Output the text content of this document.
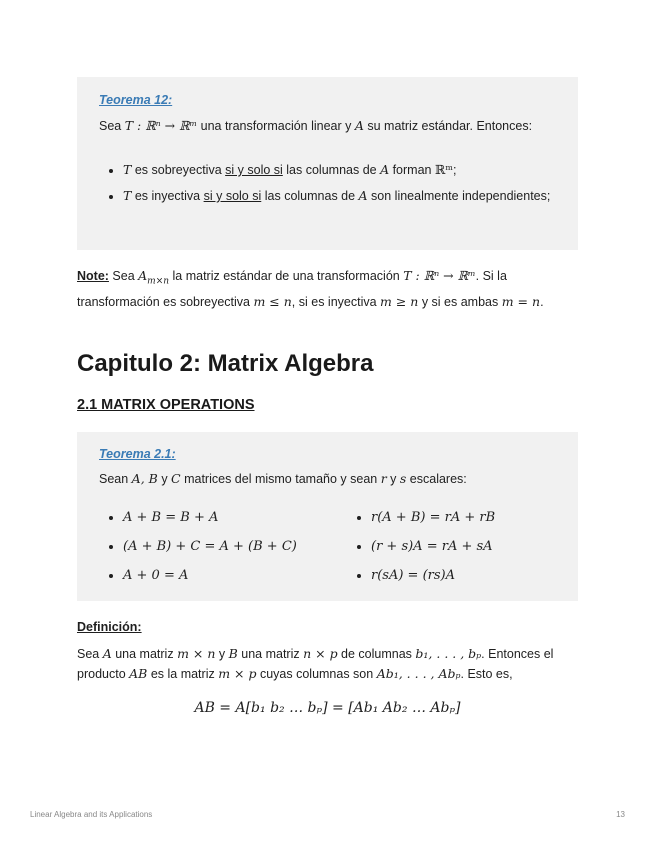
Teorema 12:
Sea T : ℝⁿ → ℝᵐ una transformación linear y A su matriz estándar. Entonces:
• T es sobreyectiva si y solo si las columnas de A forman ℝᵐ;
• T es inyectiva si y solo si las columnas de A son linealmente independientes;
Note: Sea $A_{m\times n}$ la matriz estándar de una transformación T : ℝⁿ → ℝᵐ. Si la transformación es sobreyectiva m ≤ n, si es inyectiva m ≥ n y si es ambas m = n.
Capitulo 2: Matrix Algebra
2.1 MATRIX OPERATIONS
Teorema 2.1:
Sean A, B y C matrices del mismo tamaño y sean r y s escalares:
• A + B = B + A
• (A + B) + C = A + (B + C)
• A + 0 = A
• r(A + B) = rA + rB
• (r + s)A = rA + sA
• r(sA) = (rs)A
Definición:
Sea A una matriz m × n y B una matriz n × p de columnas b₁, . . . , bₚ. Entonces el producto AB es la matriz m × p cuyas columnas son Ab₁, . . . , Abₚ. Esto es,
AB = A[b₁ b₂ … bₚ] = [Ab₁ Ab₂ … Abₚ]
Linear Algebra and its Applications	13
